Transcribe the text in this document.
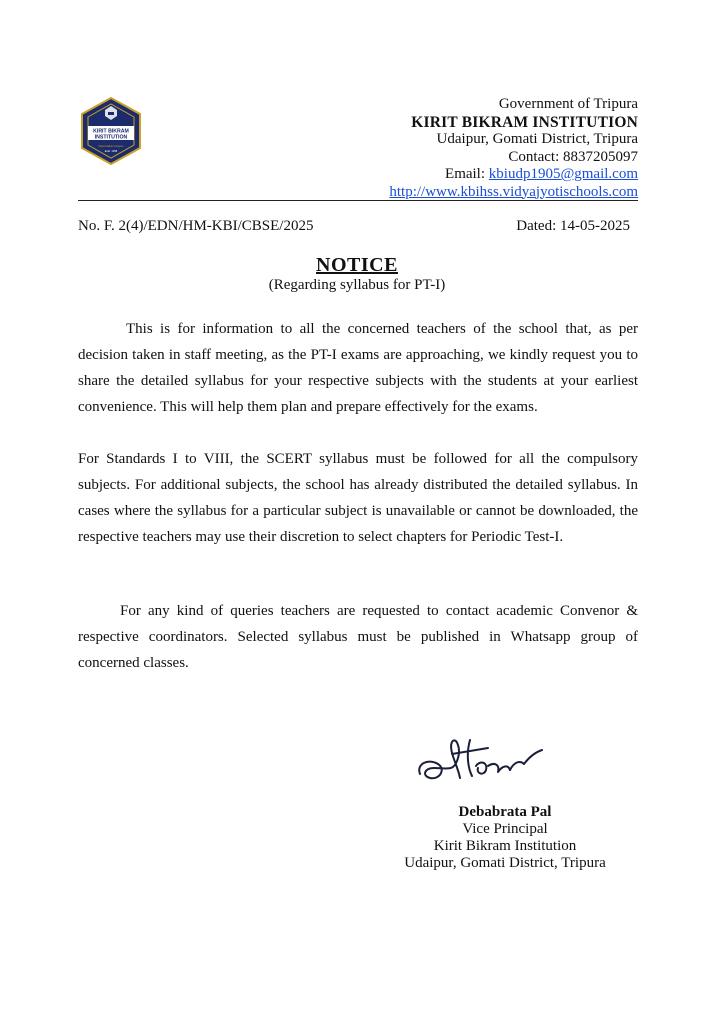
KIRIT BIKRAM
INSTITUTION
Vidya Dadati Vinayam
Estd. 1958
Government of Tripura
KIRIT BIKRAM INSTITUTION
Udaipur, Gomati District, Tripura
Contact: 8837205097
Email: kbiudp1905@gmail.com
http://www.kbihss.vidyajyotischools.com
No. F. 2(4)/EDN/HM-KBI/CBSE/2025	Dated: 14-05-2025
NOTICE
(Regarding syllabus for PT-I)
This is for information to all the concerned teachers of the school that, as per decision taken in staff meeting, as the PT-I exams are approaching, we kindly request you to share the detailed syllabus for your respective subjects with the students at your earliest convenience. This will help them plan and prepare effectively for the exams.
For Standards I to VIII, the SCERT syllabus must be followed for all the compulsory subjects. For additional subjects, the school has already distributed the detailed syllabus. In cases where the syllabus for a particular subject is unavailable or cannot be downloaded, the respective teachers may use their discretion to select chapters for Periodic Test-I.
For any kind of queries teachers are requested to contact academic Convenor & respective coordinators. Selected syllabus must be published in Whatsapp group of concerned classes.
Debabrata Pal
Vice Principal
Kirit Bikram Institution
Udaipur, Gomati District, Tripura
